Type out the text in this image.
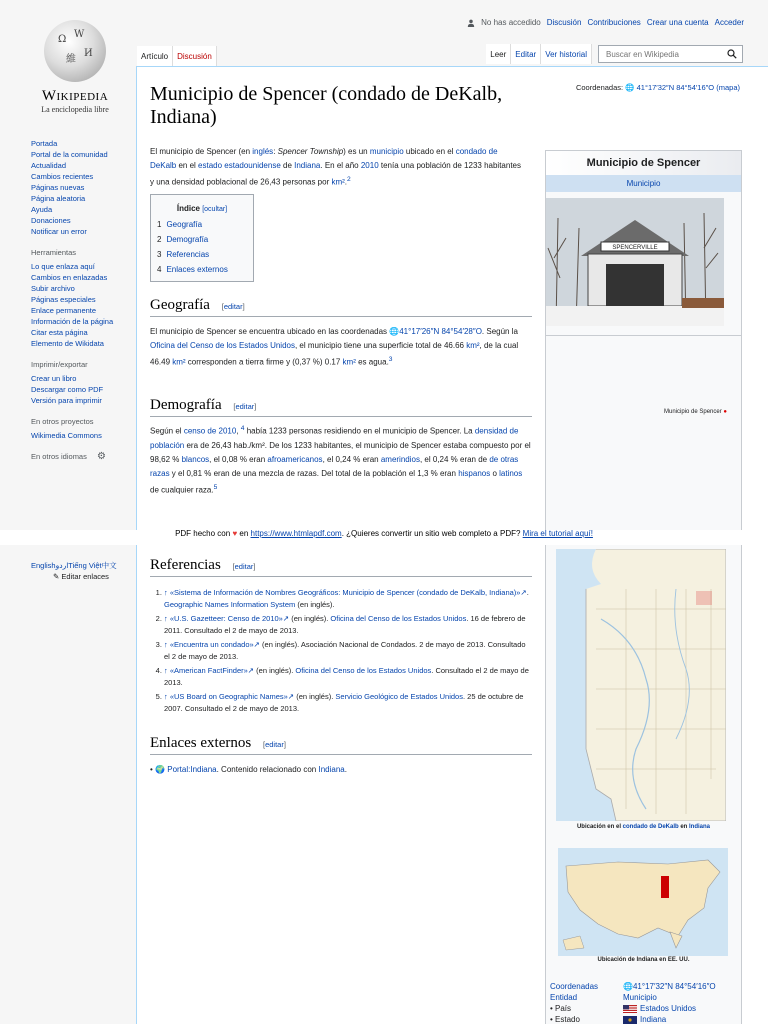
No has accedido Discusión Contribuciones Crear una cuenta Acceder
Ω W
維
И
Wikipedia
La enciclopedia libre
Portada
Portal de la comunidad
Actualidad
Cambios recientes
Páginas nuevas
Página aleatoria
Ayuda
Donaciones
Notificar un error
Herramientas
Lo que enlaza aquí
Cambios en enlazadas
Subir archivo
Páginas especiales
Enlace permanente
Información de la página
Citar esta página
Elemento de Wikidata
Imprimir/exportar
Crear un libro
Descargar como PDF
Versión para imprimir
En otros proyectos
Wikimedia Commons
En otros idiomas ⚙
Artículo	Discusión	Leer	Editar	Ver historial
Buscar en Wikipedia
Municipio de Spencer (condado de DeKalb, Indiana)
Coordenadas: 🌐 41°17′32″N 84°54′16″O (mapa)
El municipio de Spencer (en inglés: Spencer Township) es un municipio ubicado en el condado de DeKalb en el estado estadounidense de Indiana. En el año 2010 tenía una población de 1233 habitantes y una densidad poblacional de 26,43 personas por km².$^2$
Índice [ocultar]
1 Geografía
2 Demografía
3 Referencias
4 Enlaces externos
Geografía [editar]
El municipio de Spencer se encuentra ubicado en las coordenadas 🌐41°17′26″N 84°54′28″O. Según la Oficina del Censo de los Estados Unidos, el municipio tiene una superficie total de 46.66 km², de la cual 46.49 km² corresponden a tierra firme y (0,37 %) 0.17 km² es agua.$^3$
Demografía [editar]
Según el censo de 2010, $^4$ había 1233 personas residiendo en el municipio de Spencer. La densidad de población era de 26,43 hab./km². De los 1233 habitantes, el municipio de Spencer estaba compuesto por el 98,62 % blancos, el 0,08 % eran afroamericanos, el 0,24 % eran amerindios, el 0,24 % eran de de otras razas y el 0,81 % eran de una mezcla de razas. Del total de la población el 1,3 % eran hispanos o latinos de cualquier raza.$^5$
Municipio de Spencer
Municipio
SPENCERVILLE
Municipio de Spencer ●
PDF hecho con ♥ en https://www.htmlapdf.com. ¿Quieres convertir un sitio web completo a PDF? Mira el tutorial aquí!
EnglishاردوTiếng Việt中文
✎ Editar enlaces
Referencias [editar]
1. ↑ «Sistema de Información de Nombres Geográficos: Municipio de Spencer (condado de DeKalb, Indiana)»↗. Geographic Names Information System (en inglés).
2. ↑ «U.S. Gazetteer: Censo de 2010»↗ (en inglés). Oficina del Censo de los Estados Unidos. 16 de febrero de 2011. Consultado el 2 de mayo de 2013.
3. ↑ «Encuentra un condado»↗ (en inglés). Asociación Nacional de Condados. 2 de mayo de 2013. Consultado el 2 de mayo de 2013.
4. ↑ «American FactFinder»↗ (en inglés). Oficina del Censo de los Estados Unidos. Consultado el 2 de mayo de 2013.
5. ↑ «US Board on Geographic Names»↗ (en inglés). Servicio Geológico de Estados Unidos. 25 de octubre de 2007. Consultado el 2 de mayo de 2013.
Enlaces externos [editar]
• 🌍 Portal:Indiana. Contenido relacionado con Indiana.
Ubicación en el condado de DeKalb en Indiana
Ubicación de Indiana en EE. UU.
Coordenadas	🌐41°17′32″N 84°54′16″O
Entidad	Municipio
• País	Estados Unidos
• Estado	Indiana
